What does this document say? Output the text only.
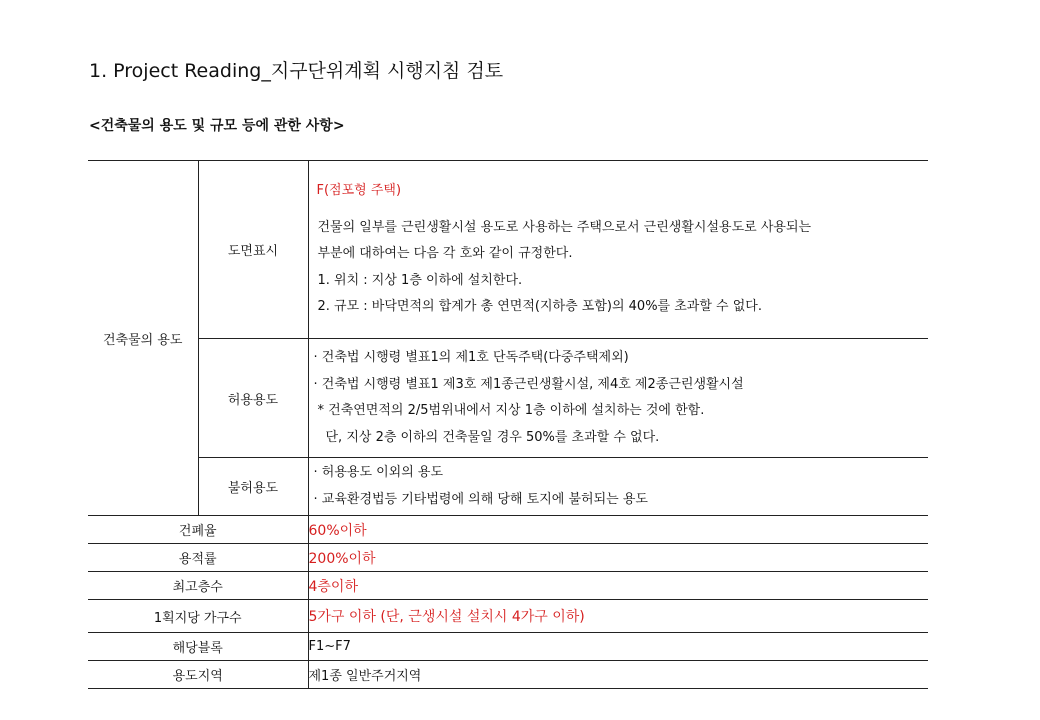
1. Project Reading_지구단위계획 시행지침 검토
<건축물의 용도 및 규모 등에 관한 사항>
건축물의 용도	도면표시	F(점포형 주택)
건물의 일부를 근린생활시설 용도로 사용하는 주택으로서 근린생활시설용도로 사용되는
부분에 대하여는 다음 각 호와 같이 규정한다.
1. 위치 : 지상 1층 이하에 설치한다.
2. 규모 : 바닥면적의 합계가 총 연면적(지하층 포함)의 40%를 초과할 수 없다.

	허용용도	· 건축법 시행령 별표1의 제1호 단독주택(다중주택제외)
· 건축법 시행령 별표1 제3호 제1종근린생활시설, 제4호 제2종근린생활시설
* 건축연면적의 2/5범위내에서 지상 1층 이하에 설치하는 것에 한함.
단, 지상 2층 이하의 건축물일 경우 50%를 초과할 수 없다.

	불허용도	· 허용용도 이외의 용도
· 교육환경법등 기타법령에 의해 당해 토지에 불허되는 용도

건폐율		60%이하
용적률		200%이하
최고층수		4층이하
1획지당 가구수		5가구 이하 (단, 근생시설 설치시 4가구 이하)
해당블록		F1~F7
용도지역		제1종 일반주거지역
